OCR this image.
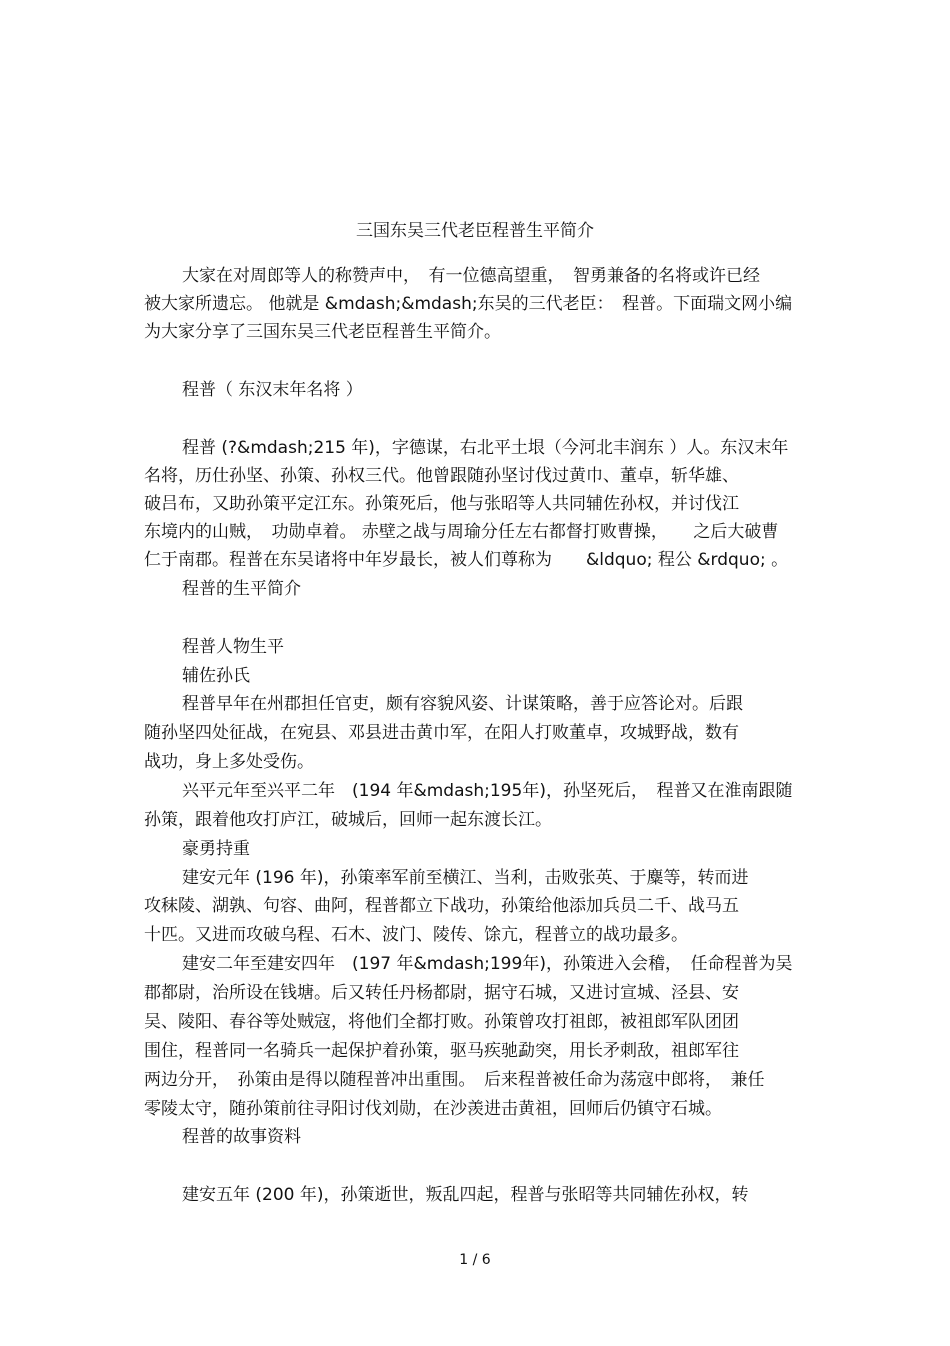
三国东吴三代老臣程普生平简介
大家在对周郎等人的称赞声中，　有一位德高望重，　智勇兼备的名将或许已经
被大家所遗忘。 他就是 &mdash;&mdash;东吴的三代老臣：　程普。下面瑞文网小编
为大家分享了三国东吴三代老臣程普生平简介。
程普（ 东汉末年名将 ）
程普 (?&mdash;215 年)，字德谋，右北平土垠（今河北丰润东 ）人。东汉末年
名将，历仕孙坚、孙策、孙权三代。他曾跟随孙坚讨伐过黄巾、董卓，斩华雄、
破吕布，又助孙策平定江东。孙策死后，他与张昭等人共同辅佐孙权，并讨伐江
东境内的山贼，　功勋卓着。 赤壁之战与周瑜分任左右都督打败曹操，　　之后大破曹
仁于南郡。程普在东吴诸将中年岁最长，被人们尊称为　　&ldquo; 程公 &rdquo; 。
程普的生平简介
程普人物生平
辅佐孙氏
程普早年在州郡担任官吏，颇有容貌风姿、计谋策略，善于应答论对。后跟
随孙坚四处征战，在宛县、邓县进击黄巾军，在阳人打败董卓，攻城野战，数有
战功，身上多处受伤。
兴平元年至兴平二年　(194 年&mdash;195年)，孙坚死后，　程普又在淮南跟随
孙策，跟着他攻打庐江，破城后，回师一起东渡长江。
豪勇持重
建安元年 (196 年)，孙策率军前至横江、当利，击败张英、于麋等，转而进
攻秣陵、湖孰、句容、曲阿，程普都立下战功，孙策给他添加兵员二千、战马五
十匹。又进而攻破乌程、石木、波门、陵传、馀亢，程普立的战功最多。
建安二年至建安四年　(197 年&mdash;199年)，孙策进入会稽，　任命程普为吴
郡都尉，治所设在钱塘。后又转任丹杨都尉，据守石城，又进讨宣城、泾县、安
吴、陵阳、春谷等处贼寇，将他们全都打败。孙策曾攻打祖郎，被祖郎军队团团
围住，程普同一名骑兵一起保护着孙策，驱马疾驰勐突，用长矛刺敌，祖郎军往
两边分开，　孙策由是得以随程普冲出重围。　后来程普被任命为荡寇中郎将，　兼任
零陵太守，随孙策前往寻阳讨伐刘勋，在沙羡进击黄祖，回师后仍镇守石城。
程普的故事资料
建安五年 (200 年)，孙策逝世，叛乱四起，程普与张昭等共同辅佐孙权，转
1 / 6
